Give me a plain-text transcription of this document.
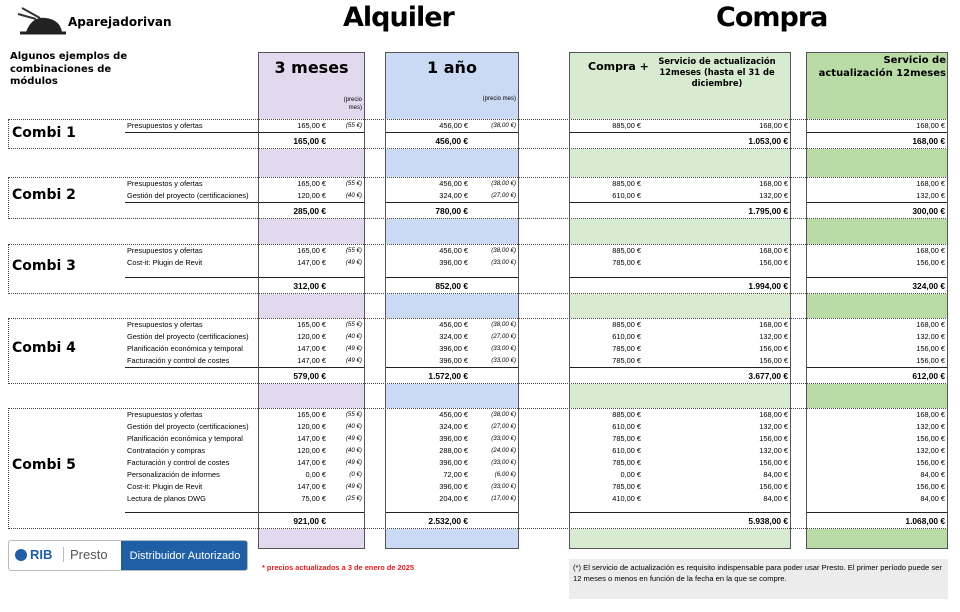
Aparejadorivan	Alquiler	Compra
Algunos ejemplos de combinaciones de módulos
3 meses
(precio mes)
1 año
(precio mes)
Compra +	Servicio de actualización 12meses (hasta el 31 de diciembre)
Servicio de actualización 12meses
Combi 1	Presupuestos y ofertas	165,00 €	(55 €)	456,00 €	(38,00 €)	885,00 €	168,00 €	168,00 €
165,00 €	456,00 €	1.053,00 €	168,00 €
Combi 2
Presupuestos y ofertas	165,00 €	(55 €)	456,00 €	(38,00 €)	885,00 €	168,00 €	168,00 €
Gestión del proyecto (certificaciones)	120,00 €	(40 €)	324,00 €	(27,00 €)	610,00 €	132,00 €	132,00 €
285,00 €	780,00 €	1.795,00 €	300,00 €
Combi 3
Presupuestos y ofertas	165,00 €	(55 €)	456,00 €	(38,00 €)	885,00 €	168,00 €	168,00 €
Cost-it: Plugin de Revit	147,00 €	(49 €)	396,00 €	(33,00 €)	785,00 €	156,00 €	156,00 €
312,00 €	852,00 €	1.994,00 €	324,00 €
Combi 4
Presupuestos y ofertas	165,00 €	(55 €)	456,00 €	(38,00 €)	885,00 €	168,00 €	168,00 €
Gestión del proyecto (certificaciones)	120,00 €	(40 €)	324,00 €	(27,00 €)	610,00 €	132,00 €	132,00 €
Planificación económica y temporal	147,00 €	(49 €)	396,00 €	(33,00 €)	785,00 €	156,00 €	156,00 €
Facturación y control de costes	147,00 €	(49 €)	396,00 €	(33,00 €)	785,00 €	156,00 €	156,00 €
579,00 €	1.572,00 €	3.677,00 €	612,00 €
Combi 5
Presupuestos y ofertas	165,00 €	(55 €)	456,00 €	(38,00 €)	885,00 €	168,00 €	168,00 €
Gestión del proyecto (certificaciones)	120,00 €	(40 €)	324,00 €	(27,00 €)	610,00 €	132,00 €	132,00 €
Planificación económica y temporal	147,00 €	(49 €)	396,00 €	(33,00 €)	785,00 €	156,00 €	156,00 €
Contratación y compras	120,00 €	(40 €)	288,00 €	(24,00 €)	610,00 €	132,00 €	132,00 €
Facturación y control de costes	147,00 €	(49 €)	396,00 €	(33,00 €)	785,00 €	156,00 €	156,00 €
Personalización de informes	0,00 €	(0 €)	72,00 €	(6,00 €)	0,00 €	84,00 €	84,00 €
Cost-it: Plugin de Revit	147,00 €	(49 €)	396,00 €	(33,00 €)	785,00 €	156,00 €	156,00 €
Lectura de planos DWG	75,00 €	(25 €)	204,00 €	(17,00 €)	410,00 €	84,00 €	84,00 €
921,00 €	2.532,00 €	5.938,00 €	1.068,00 €
RIB	Presto	Distribuidor Autorizado
* precios actualizados a 3 de enero de 2025	(*) El servicio de actualización es requisito indispensable para poder usar Presto. El primer período puede ser 12 meses o menos en función de la fecha en la que se compre.
